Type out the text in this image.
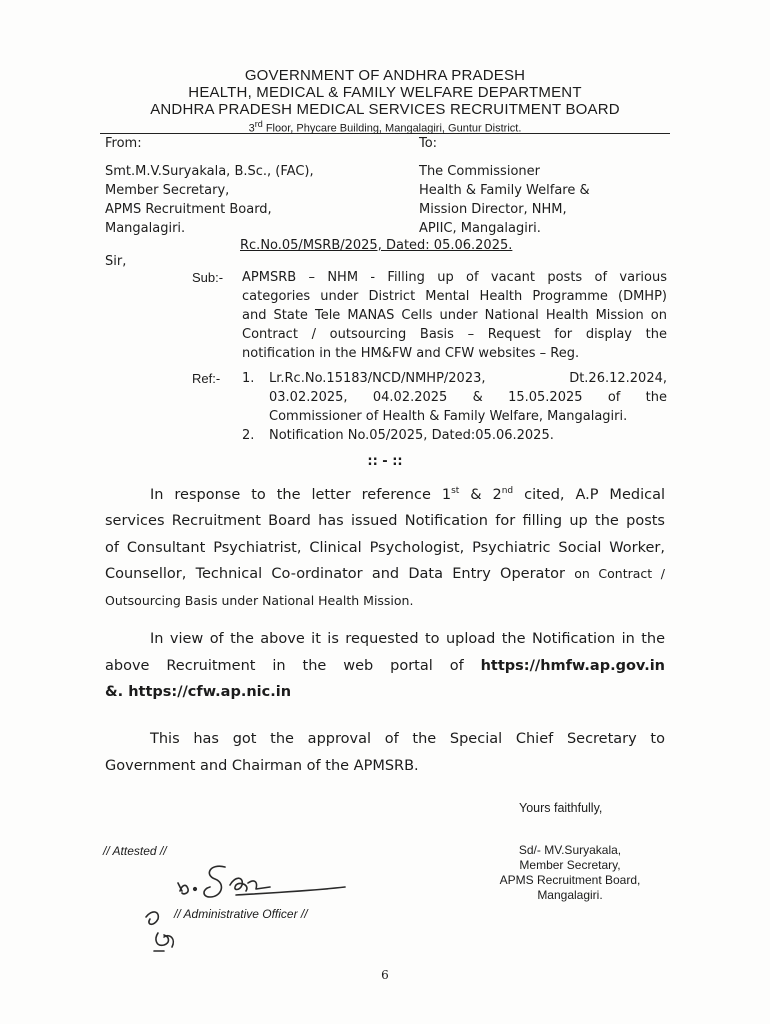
GOVERNMENT OF ANDHRA PRADESH
HEALTH, MEDICAL & FAMILY WELFARE DEPARTMENT
ANDHRA PRADESH MEDICAL SERVICES RECRUITMENT BOARD
3rd Floor, Phycare Building, Mangalagiri, Guntur District.
From:
Smt.M.V.Suryakala, B.Sc., (FAC),
Member Secretary,
APMS Recruitment Board,
Mangalagiri.
To:
The Commissioner
Health & Family Welfare &
Mission Director, NHM,
APIIC, Mangalagiri.
Rc.No.05/MSRB/2025, Dated: 05.06.2025.
Sir,
Sub:- APMSRB – NHM - Filling up of vacant posts of various
categories under District Mental Health Programme (DMHP)
and State Tele MANAS Cells under National Health Mission on
Contract / outsourcing Basis – Request for display the
notification in the HM&FW and CFW websites – Reg.
Ref:- 1.	Lr.Rc.No.15183/NCD/NMHP/2023, Dt.26.12.2024,
03.02.2025, 04.02.2025 & 15.05.2025 of the
Commissioner of Health & Family Welfare, Mangalagiri.
2.	Notification No.05/2025, Dated:05.06.2025.
:: - ::
In response to the letter reference 1st & 2nd cited, A.P Medical
services Recruitment Board has issued Notification for filling up the posts
of Consultant Psychiatrist, Clinical Psychologist, Psychiatric Social Worker,
Counsellor, Technical Co-ordinator and Data Entry Operator on Contract /
Outsourcing Basis under National Health Mission.
In view of the above it is requested to upload the Notification in the
above Recruitment in the web portal of https://hmfw.ap.gov.in
&. https://cfw.ap.nic.in
This has got the approval of the Special Chief Secretary to
Government and Chairman of the APMSRB.
Yours faithfully,
// Attested //
// Administrative Officer //
Sd/- MV.Suryakala,
Member Secretary,
APMS Recruitment Board,
Mangalagiri.
6
